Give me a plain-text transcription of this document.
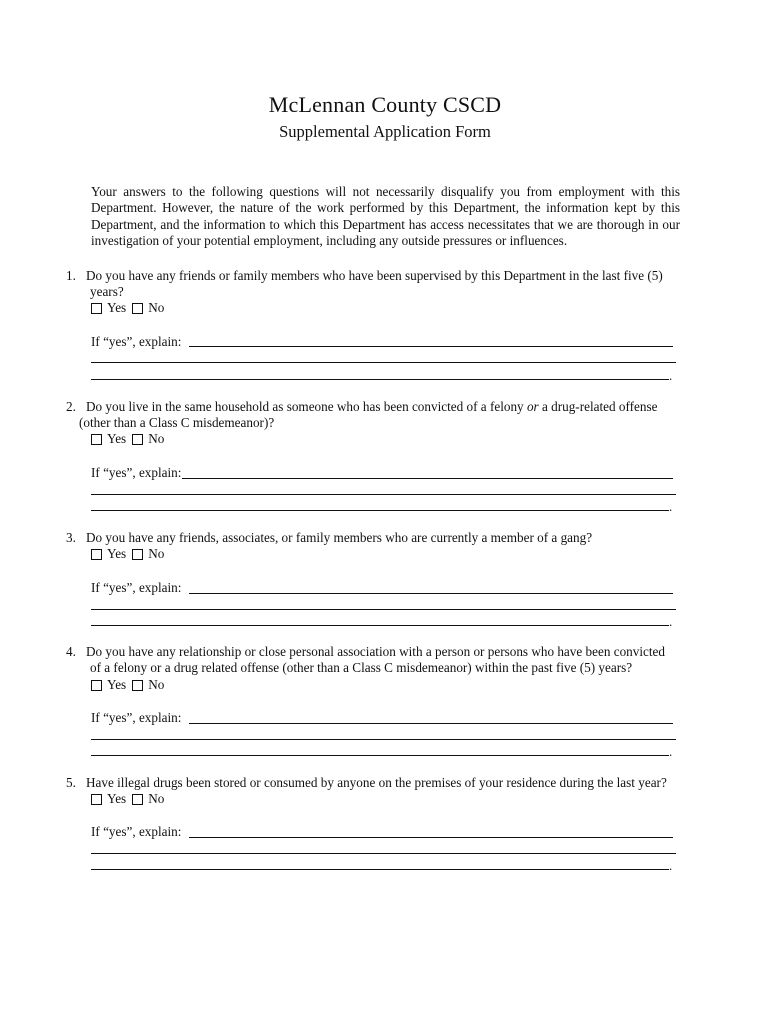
McLennan County CSCD
Supplemental Application Form
Your answers to the following questions will not necessarily disqualify you from employment with this Department. However, the nature of the work performed by this Department, the information kept by this Department, and the information to which this Department has access necessitates that we are thorough in our investigation of your potential employment, including any outside pressures or influences.
1. Do you have any friends or family members who have been supervised by this Department in the last five (5)
years?
Yes No
If “yes”, explain:
.
2. Do you live in the same household as someone who has been convicted of a felony or a drug-related offense
(other than a Class C misdemeanor)?
Yes No
If “yes”, explain:
.
3. Do you have any friends, associates, or family members who are currently a member of a gang?
Yes No
If “yes”, explain:
.
4. Do you have any relationship or close personal association with a person or persons who have been convicted
of a felony or a drug related offense (other than a Class C misdemeanor) within the past five (5) years?
Yes No
If “yes”, explain:
.
5. Have illegal drugs been stored or consumed by anyone on the premises of your residence during the last year?
Yes No
If “yes”, explain:
.
